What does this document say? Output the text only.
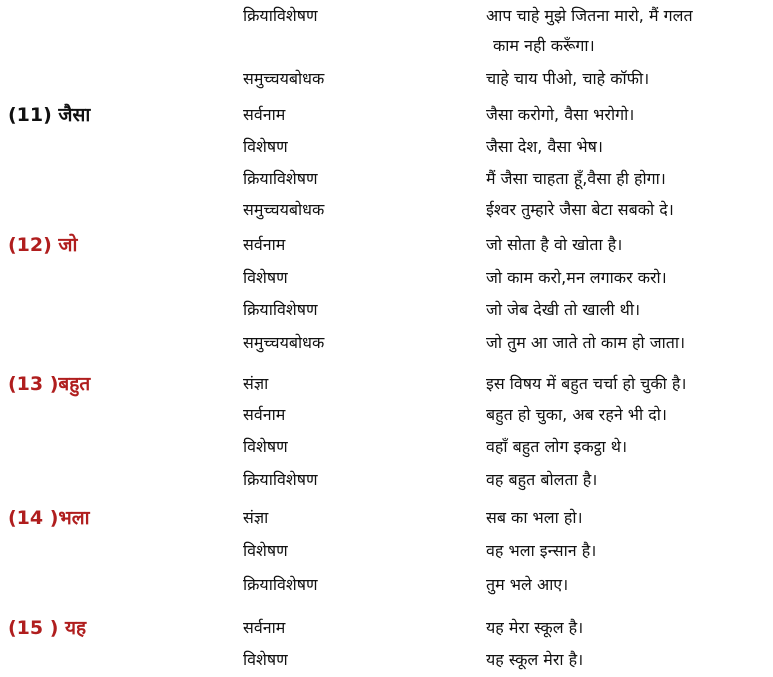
क्रियाविशेषण	आप चाहे मुझे जितना मारो, मैं गलत
काम नही करूँगा।
समुच्चयबोधक	चाहे चाय पीओ, चाहे कॉफी।
(11) जैसा	सर्वनाम	जैसा करोगो, वैसा भरोगो।
विशेषण	जैसा देश, वैसा भेष।
क्रियाविशेषण	मैं जैसा चाहता हूँ,वैसा ही होगा।
समुच्चयबोधक	ईश्वर तुम्हारे जैसा बेटा सबको दे।
(12) जो	सर्वनाम	जो सोता है वो खोता है।
विशेषण	जो काम करो,मन लगाकर करो।
क्रियाविशेषण	जो जेब देखी तो खाली थी।
समुच्चयबोधक	जो तुम आ जाते तो काम हो जाता।
(13 )बहुत	संज्ञा	इस विषय में बहुत चर्चा हो चुकी है।
सर्वनाम	बहुत हो चुका, अब रहने भी दो।
विशेषण	वहाँ बहुत लोग इकट्ठा थे।
क्रियाविशेषण	वह बहुत बोलता है।
(14 )भला	संज्ञा	सब का भला हो।
विशेषण	वह भला इन्सान है।
क्रियाविशेषण	तुम भले आए।
(15 ) यह	सर्वनाम	यह मेरा स्कूल है।
विशेषण	यह स्कूल मेरा है।
